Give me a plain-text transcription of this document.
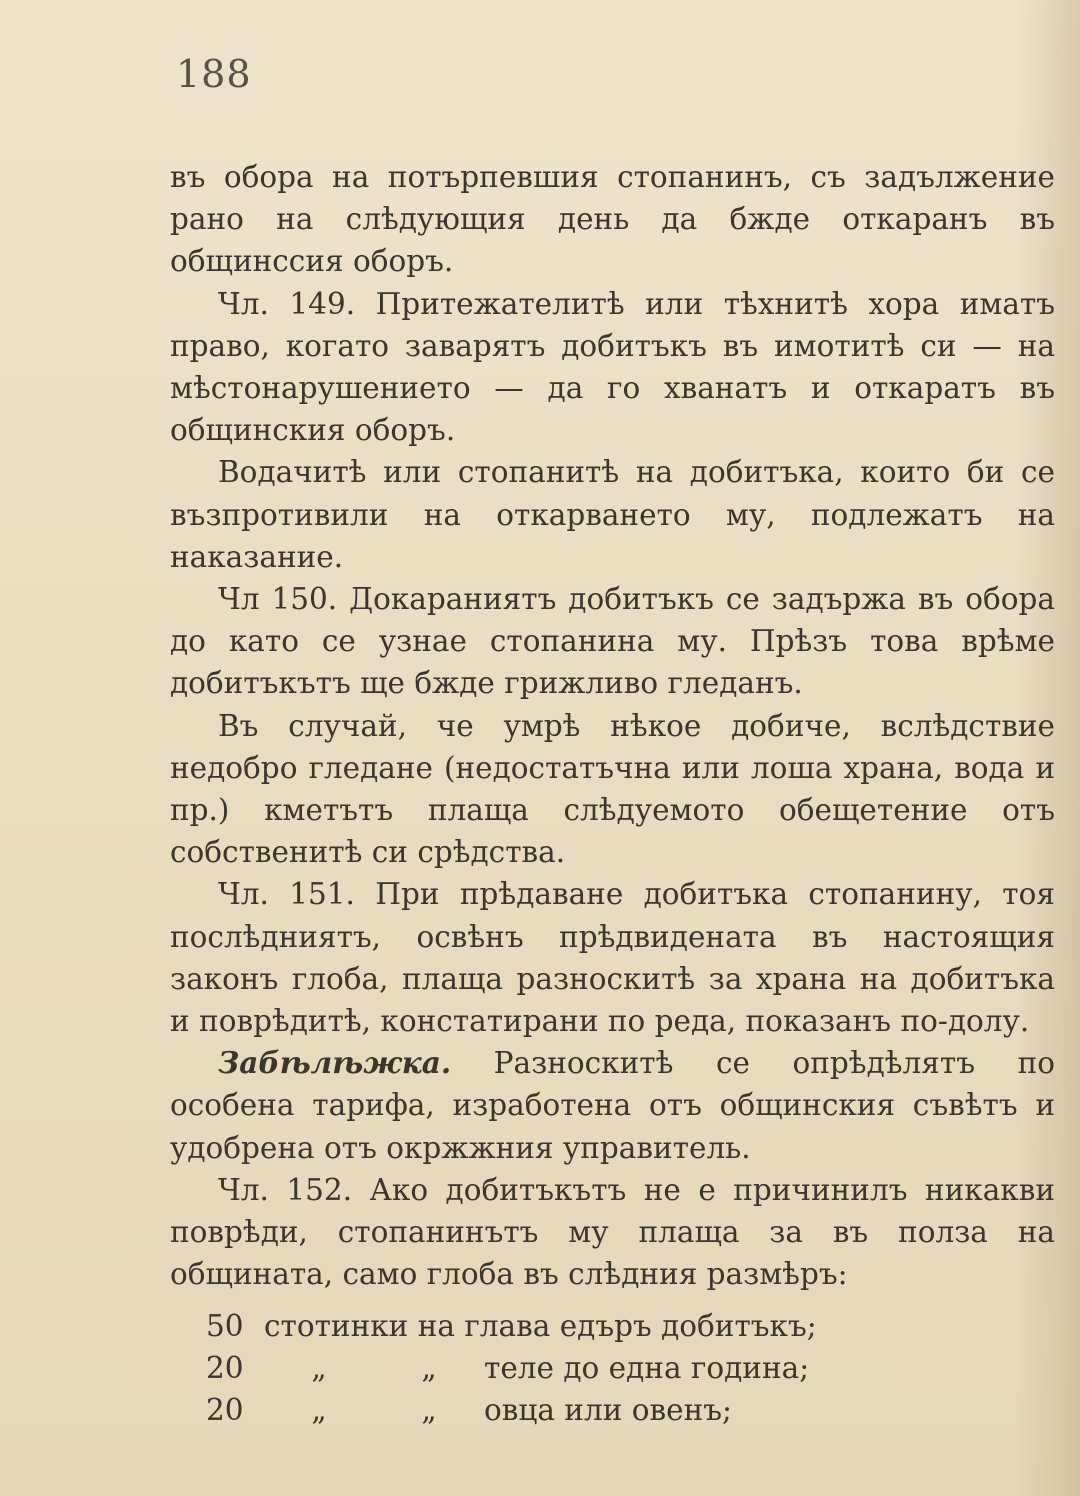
188

въ обора на потърпевшия стопанинъ, съ задължение рано на слѣдующия день да бжде откаранъ въ общинссия оборъ.

Чл. 149. Притежателитѣ или тѣхнитѣ хора иматъ право, когато заварятъ добитъкъ въ имотитѣ си — на мѣстонарушението — да го хванатъ и откаратъ въ общинския оборъ.

Водачитѣ или стопанитѣ на добитъка, които би се възпротивили на откарването му, подлежатъ на наказание.

Чл 150. Докараниятъ добитъкъ се задържа въ обора до като се узнае стопанина му. Прѣзъ това врѣме добитъкътъ ще бжде грижливо гледанъ.

Въ случай, че умрѣ нѣкое добиче, вслѣдствие недобро гледане (недостатъчна или лоша храна, вода и пр.) кметътъ плаща слѣдуемото обещетение отъ собственитѣ си срѣдства.

Чл. 151. При прѣдаване добитъка стопанину, тоя послѣдниятъ, освѣнъ прѣдвидената въ настоящия законъ глоба, плаща разноскитѣ за храна на добитъка и поврѣдитѣ, констатирани по реда, показанъ по-долу.

Забѣлѣжка. Разноскитѣ се опрѣдѣлятъ по особена тарифа, изработена отъ общинския съвѣтъ и удобрена отъ окржжния управитель.

Чл. 152. Ако добитъкътъ не е причинилъ никакви поврѣди, стопанинътъ му плаща за въ полза на общината, само глоба въ слѣдния размѣръ:

50 стотинки на глава едъръ добитъкъ;
20	„	„	теле до една година;
20	„	„	овца или овенъ;
